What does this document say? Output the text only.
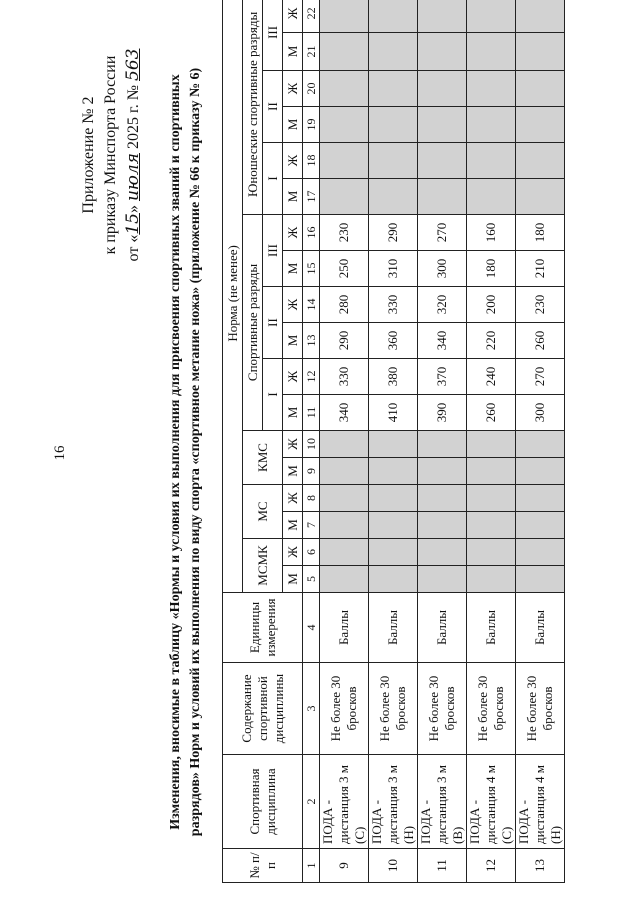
16
Приложение № 2 к приказу Минспорта России от «15» июля 2025 г. № 563
Изменения, вносимые в таблицу «Нормы и условия их выполнения для присвоения спортивных званий и спортивных разрядов» Норм и условий их выполнения по виду спорта «спортивное метание ножа» (приложение № 66 к приказу № 6)
№ п/п	Спортивная дисциплина	Содержание спортивной дисциплины	Единицы измерения	Норма (не менее)																	
				МСМК		МС		КМС		Спортивные разряды						Юношеские спортивные разряды					
										I		II		III		I		II		III	
				М	Ж	М	Ж	М	Ж	М	Ж	М	Ж	М	Ж	М	Ж	М	Ж	М	Ж
1	2	3	4	5	6	7	8	9	10	11	12	13	14	15	16	17	18	19	20	21	22
9	ПОДА - дистанция 3 м (С)	Не более 30 бросков	Баллы							340	330	290	280	250	230						
10	ПОДА - дистанция 3 м (Н)	Не более 30 бросков	Баллы							410	380	360	330	310	290						
11	ПОДА - дистанция 3 м (В)	Не более 30 бросков	Баллы							390	370	340	320	300	270						
12	ПОДА - дистанция 4 м (С)	Не более 30 бросков	Баллы							260	240	220	200	180	160						
13	ПОДА - дистанция 4 м (Н)	Не более 30 бросков	Баллы							300	270	260	230	210	180						
